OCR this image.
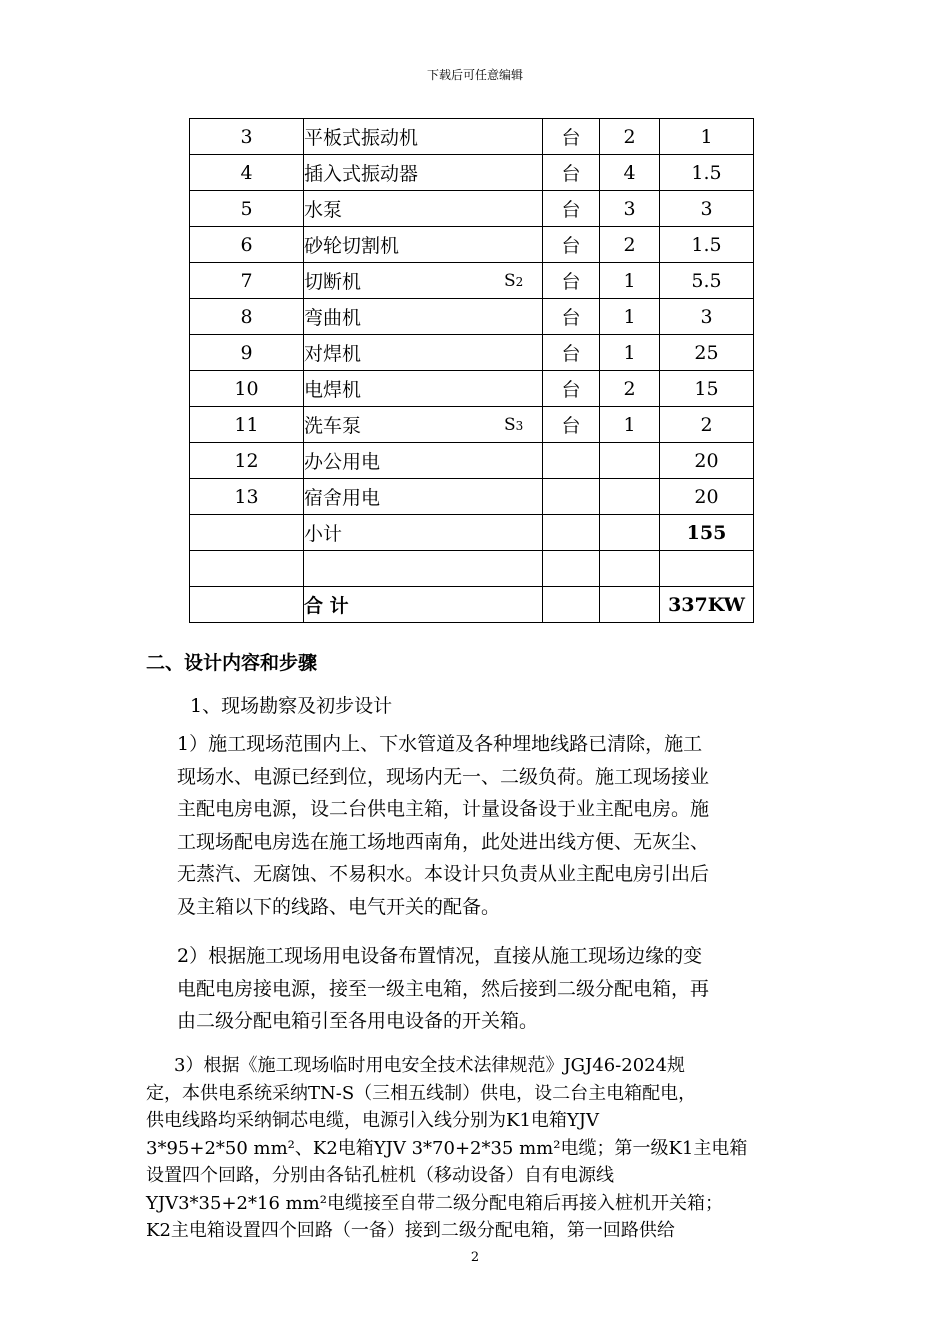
下载后可任意编辑
3	平板式振动机	台	2	1
4	插入式振动器	台	4	1.5
5	水泵	台	3	3
6	砂轮切割机	台	2	1.5
7	切断机 S2	台	1	5.5
8	弯曲机	台	1	3
9	对焊机	台	1	25
10	电焊机	台	2	15
11	洗车泵 S3	台	1	2
12	办公用电			20
13	宿舍用电			20
	小计			155

	合 计			337KW
二、设计内容和步骤
1、现场勘察及初步设计
1）施工现场范围内上、下水管道及各种埋地线路已清除，施工
现场水、电源已经到位，现场内无一、二级负荷。施工现场接业
主配电房电源，设二台供电主箱，计量设备设于业主配电房。施
工现场配电房选在施工场地西南角，此处进出线方便、无灰尘、
无蒸汽、无腐蚀、不易积水。本设计只负责从业主配电房引出后
及主箱以下的线路、电气开关的配备。
2）根据施工现场用电设备布置情况，直接从施工现场边缘的变
电配电房接电源，接至一级主电箱，然后接到二级分配电箱，再
由二级分配电箱引至各用电设备的开关箱。
3）根据《施工现场临时用电安全技术法律规范》JGJ46-2024规
定，本供电系统采纳TN-S（三相五线制）供电，设二台主电箱配电，
供电线路均采纳铜芯电缆，电源引入线分别为K1电箱YJV
3*95+2*50 mm²、K2电箱YJV 3*70+2*35 mm²电缆；第一级K1主电箱
设置四个回路，分别由各钻孔桩机（移动设备）自有电源线
YJV3*35+2*16 mm²电缆接至自带二级分配电箱后再接入桩机开关箱；
K2主电箱设置四个回路（一备）接到二级分配电箱，第一回路供给
2
